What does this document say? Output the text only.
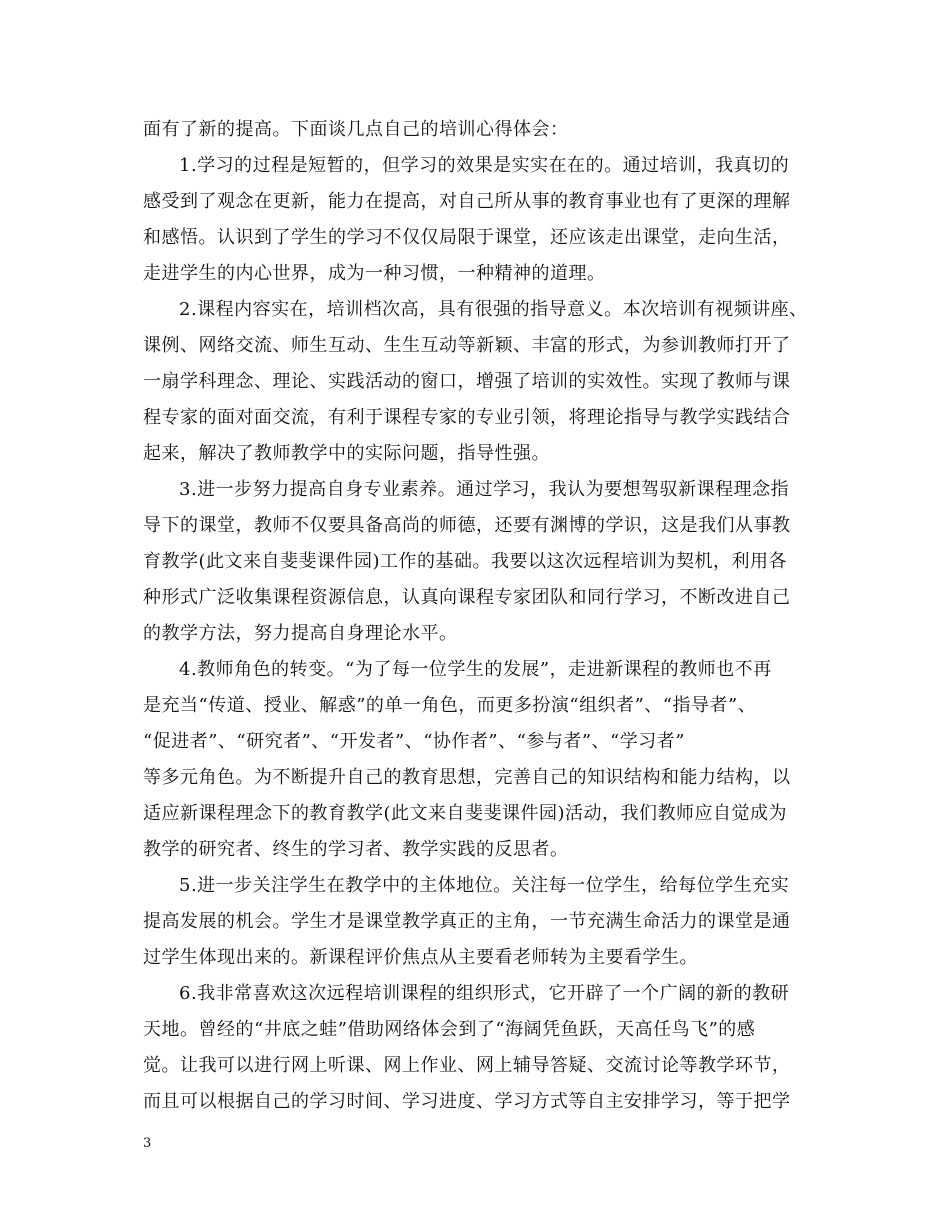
面有了新的提高。下面谈几点自己的培训心得体会：
1.学习的过程是短暂的，但学习的效果是实实在在的。通过培训，我真切的
感受到了观念在更新，能力在提高，对自己所从事的教育事业也有了更深的理解
和感悟。认识到了学生的学习不仅仅局限于课堂，还应该走出课堂，走向生活，
走进学生的内心世界，成为一种习惯，一种精神的道理。
2.课程内容实在，培训档次高，具有很强的指导意义。本次培训有视频讲座、
课例、网络交流、师生互动、生生互动等新颖、丰富的形式，为参训教师打开了
一扇学科理念、理论、实践活动的窗口，增强了培训的实效性。实现了教师与课
程专家的面对面交流，有利于课程专家的专业引领，将理论指导与教学实践结合
起来，解决了教师教学中的实际问题，指导性强。
3.进一步努力提高自身专业素养。通过学习，我认为要想驾驭新课程理念指
导下的课堂，教师不仅要具备高尚的师德，还要有渊博的学识，这是我们从事教
育教学(此文来自斐斐课件园)工作的基础。我要以这次远程培训为契机，利用各
种形式广泛收集课程资源信息，认真向课程专家团队和同行学习，不断改进自己
的教学方法，努力提高自身理论水平。
4.教师角色的转变。“为了每一位学生的发展”，走进新课程的教师也不再
是充当“传道、授业、解惑”的单一角色，而更多扮演“组织者”、“指导者”、
“促进者”、“研究者”、“开发者”、“协作者”、“参与者”、“学习者”
等多元角色。为不断提升自己的教育思想，完善自己的知识结构和能力结构，以
适应新课程理念下的教育教学(此文来自斐斐课件园)活动，我们教师应自觉成为
教学的研究者、终生的学习者、教学实践的反思者。
5.进一步关注学生在教学中的主体地位。关注每一位学生，给每位学生充实
提高发展的机会。学生才是课堂教学真正的主角，一节充满生命活力的课堂是通
过学生体现出来的。新课程评价焦点从主要看老师转为主要看学生。
6.我非常喜欢这次远程培训课程的组织形式，它开辟了一个广阔的新的教研
天地。曾经的“井底之蛙”借助网络体会到了“海阔凭鱼跃，天高任鸟飞”的感
觉。让我可以进行网上听课、网上作业、网上辅导答疑、交流讨论等教学环节，
而且可以根据自己的学习时间、学习进度、学习方式等自主安排学习，等于把学
3
